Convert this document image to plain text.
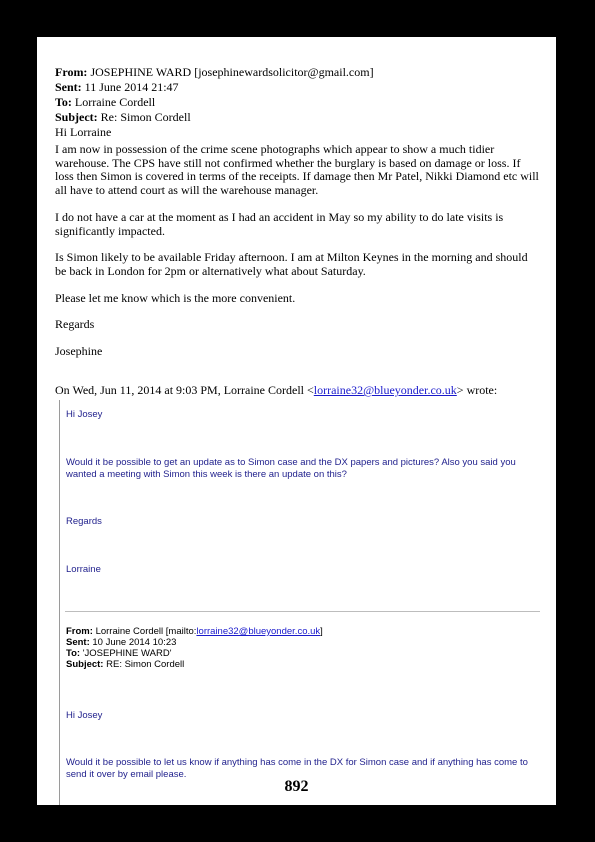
From: JOSEPHINE WARD [josephinewardsolicitor@gmail.com]
Sent: 11 June 2014 21:47
To: Lorraine Cordell
Subject: Re: Simon Cordell
Hi Lorraine
I am now in possession of the crime scene photographs which appear to show a much tidier warehouse. The CPS have still not confirmed whether the burglary is based on damage or loss. If loss then Simon is covered in terms of the receipts. If damage then Mr Patel, Nikki Diamond etc will all have to attend court as will the warehouse manager.
I do not have a car at the moment as I had an accident in May so my ability to do late visits is significantly impacted.
Is Simon likely to be available Friday afternoon. I am at Milton Keynes in the morning and should be back in London for 2pm or alternatively what about Saturday.
Please let me know which is the more convenient.
Regards
Josephine
On Wed, Jun 11, 2014 at 9:03 PM, Lorraine Cordell <lorraine32@blueyonder.co.uk> wrote:
Hi Josey
Would it be possible to get an update as to Simon case and the DX papers and pictures? Also you said you wanted a meeting with Simon this week is there an update on this?
Regards
Lorraine
From: Lorraine Cordell [mailto:lorraine32@blueyonder.co.uk]
Sent: 10 June 2014 10:23
To: 'JOSEPHINE WARD'
Subject: RE: Simon Cordell
Hi Josey
Would it be possible to let us know if anything has come in the DX for Simon case and if anything has come to send it over by email please.
892
